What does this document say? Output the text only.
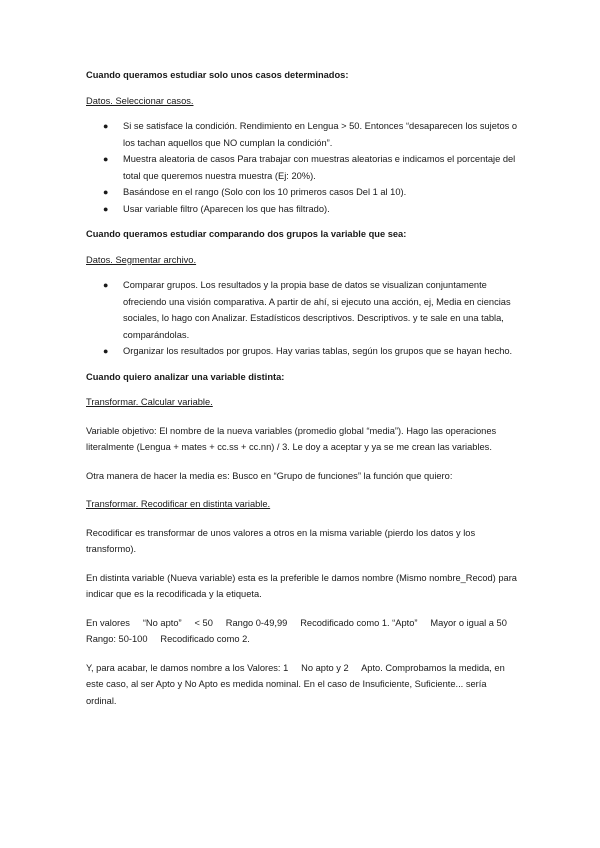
Cuando queramos estudiar solo unos casos determinados:

Datos. Seleccionar casos.

● Si se satisface la condición. Rendimiento en Lengua > 50. Entonces “desaparecen los sujetos o los tachan aquellos que NO cumplan la condición”.
● Muestra aleatoria de casos Para trabajar con muestras aleatorias e indicamos el porcentaje del total que queremos nuestra muestra (Ej: 20%).
● Basándose en el rango (Solo con los 10 primeros casos Del 1 al 10).
● Usar variable filtro (Aparecen los que has filtrado).

Cuando queramos estudiar comparando dos grupos la variable que sea:

Datos. Segmentar archivo.

● Comparar grupos. Los resultados y la propia base de datos se visualizan conjuntamente ofreciendo una visión comparativa. A partir de ahí, si ejecuto una acción, ej, Media en ciencias sociales, lo hago con Analizar. Estadísticos descriptivos. Descriptivos. y te sale en una tabla, comparándolas.
● Organizar los resultados por grupos. Hay varias tablas, según los grupos que se hayan hecho.

Cuando quiero analizar una variable distinta:

Transformar. Calcular variable.

Variable objetivo: El nombre de la nueva variables (promedio global “media”). Hago las operaciones literalmente (Lengua + mates + cc.ss + cc.nn) / 3. Le doy a aceptar y ya se me crean las variables.

Otra manera de hacer la media es: Busco en “Grupo de funciones” la función que quiero:

Transformar. Recodificar en distinta variable.

Recodificar es transformar de unos valores a otros en la misma variable (pierdo los datos y los transformo).

En distinta variable (Nueva variable) esta es la preferible le damos nombre (Mismo nombre_Recod) para indicar que es la recodificada y la etiqueta.

En valores     “No apto”     < 50     Rango 0-49,99     Recodificado como 1. “Apto”     Mayor o igual a 50     Rango: 50-100     Recodificado como 2.

Y, para acabar, le damos nombre a los Valores: 1     No apto y 2     Apto. Comprobamos la medida, en este caso, al ser Apto y No Apto es medida nominal. En el caso de Insuficiente, Suficiente... sería ordinal.
